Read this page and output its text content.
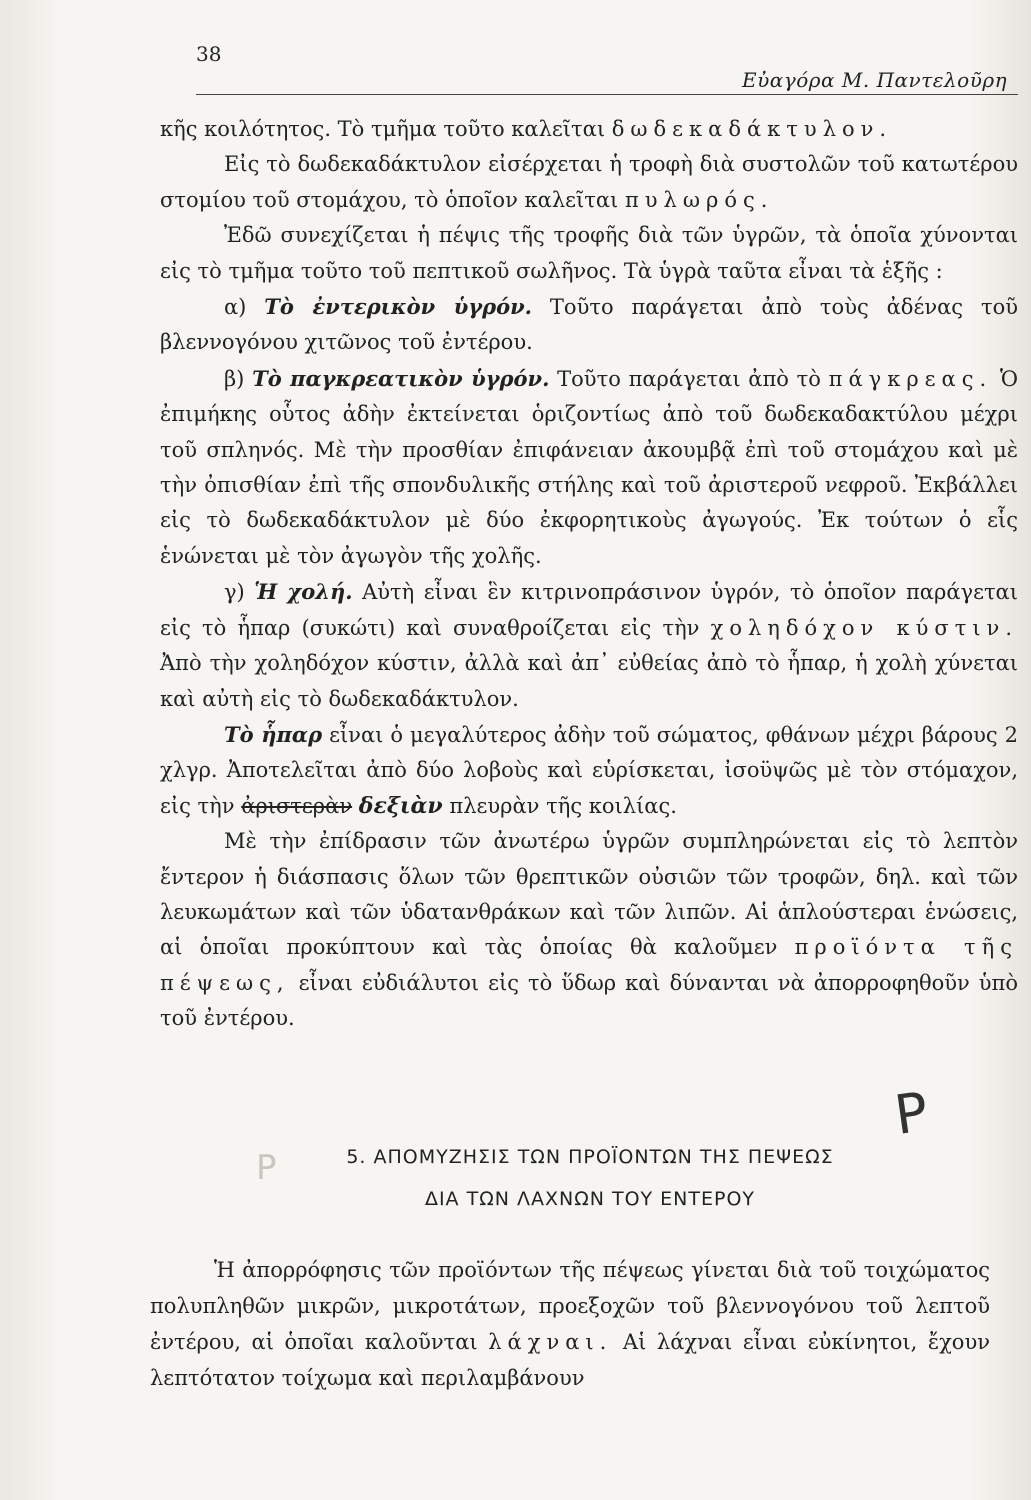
38
Εὐαγόρα Μ. Παντελοῦρη

κῆς κοιλότητος. Τὸ τμῆμα τοῦτο καλεῖται δωδεκαδάκτυλον.

Εἰς τὸ δωδεκαδάκτυλον εἰσέρχεται ἡ τροφὴ διὰ συστολῶν τοῦ κατωτέρου στομίου τοῦ στομάχου, τὸ ὁποῖον καλεῖται πυλωρός.

Ἐδῶ συνεχίζεται ἡ πέψις τῆς τροφῆς διὰ τῶν ὑγρῶν, τὰ ὁποῖα χύνονται εἰς τὸ τμῆμα τοῦτο τοῦ πεπτικοῦ σωλῆνος. Τὰ ὑγρὰ ταῦτα εἶναι τὰ ἑξῆς :

α) Τὸ ἐντερικὸν ὑγρόν. Τοῦτο παράγεται ἀπὸ τοὺς ἀδένας τοῦ βλεννογόνου χιτῶνος τοῦ ἐντέρου.

β) Τὸ παγκρεατικὸν ὑγρόν. Τοῦτο παράγεται ἀπὸ τὸ πάγκρεας. Ὁ ἐπιμήκης οὗτος ἀδὴν ἐκτείνεται ὁριζοντίως ἀπὸ τοῦ δωδεκαδακτύλου μέχρι τοῦ σπληνός. Μὲ τὴν προσθίαν ἐπιφάνειαν ἀκουμβᾷ ἐπὶ τοῦ στομάχου καὶ μὲ τὴν ὀπισθίαν ἐπὶ τῆς σπονδυλικῆς στήλης καὶ τοῦ ἀριστεροῦ νεφροῦ. Ἐκβάλλει εἰς τὸ δωδεκαδάκτυλον μὲ δύο ἐκφορητικοὺς ἀγωγούς. Ἐκ τούτων ὁ εἷς ἑνώνεται μὲ τὸν ἀγωγὸν τῆς χολῆς.

γ) Ἡ χολή. Αὐτὴ εἶναι ἓν κιτρινοπράσινον ὑγρόν, τὸ ὁποῖον παράγεται εἰς τὸ ἧπαρ (συκώτι) καὶ συναθροίζεται εἰς τὴν χοληδόχον κύστιν. Ἀπὸ τὴν χοληδόχον κύστιν, ἀλλὰ καὶ ἀπ᾽ εὐθείας ἀπὸ τὸ ἧπαρ, ἡ χολὴ χύνεται καὶ αὐτὴ εἰς τὸ δωδεκαδάκτυλον.

Τὸ ἧπαρ εἶναι ὁ μεγαλύτερος ἀδὴν τοῦ σώματος, φθάνων μέχρι βάρους 2 χλγρ. Ἀποτελεῖται ἀπὸ δύο λοβοὺς καὶ εὑρίσκεται, ἰσοϋψῶς μὲ τὸν στόμαχον, εἰς τὴν ἀριστερὰν δεξιὰν πλευρὰν τῆς κοιλίας.

Μὲ τὴν ἐπίδρασιν τῶν ἀνωτέρω ὑγρῶν συμπληρώνεται εἰς τὸ λεπτὸν ἔντερον ἡ διάσπασις ὅλων τῶν θρεπτικῶν οὐσιῶν τῶν τροφῶν, δηλ. καὶ τῶν λευκωμάτων καὶ τῶν ὑδατανθράκων καὶ τῶν λιπῶν. Αἱ ἁπλούστεραι ἑνώσεις, αἱ ὁποῖαι προκύπτουν καὶ τὰς ὁποίας θὰ καλοῦμεν προϊόντα τῆς πέψεως, εἶναι εὐδιάλυτοι εἰς τὸ ὕδωρ καὶ δύνανται νὰ ἀπορροφηθοῦν ὑπὸ τοῦ ἐντέρου.

Ρ
Ρ	5. ΑΠΟΜΥΖΗΣΙΣ ΤΩΝ ΠΡΟΪΟΝΤΩΝ ΤΗΣ ΠΕΨΕΩΣ

ΔΙΑ ΤΩΝ ΛΑΧΝΩΝ ΤΟΥ ΕΝΤΕΡΟΥ

Ἡ ἀπορρόφησις τῶν προϊόντων τῆς πέψεως γίνεται διὰ τοῦ τοιχώματος πολυπληθῶν μικρῶν, μικροτάτων, προεξοχῶν τοῦ βλεννογόνου τοῦ λεπτοῦ ἐντέρου, αἱ ὁποῖαι καλοῦνται λάχναι. Αἱ λάχναι εἶναι εὐκίνητοι, ἔχουν λεπτότατον τοίχωμα καὶ περιλαμβάνουν
